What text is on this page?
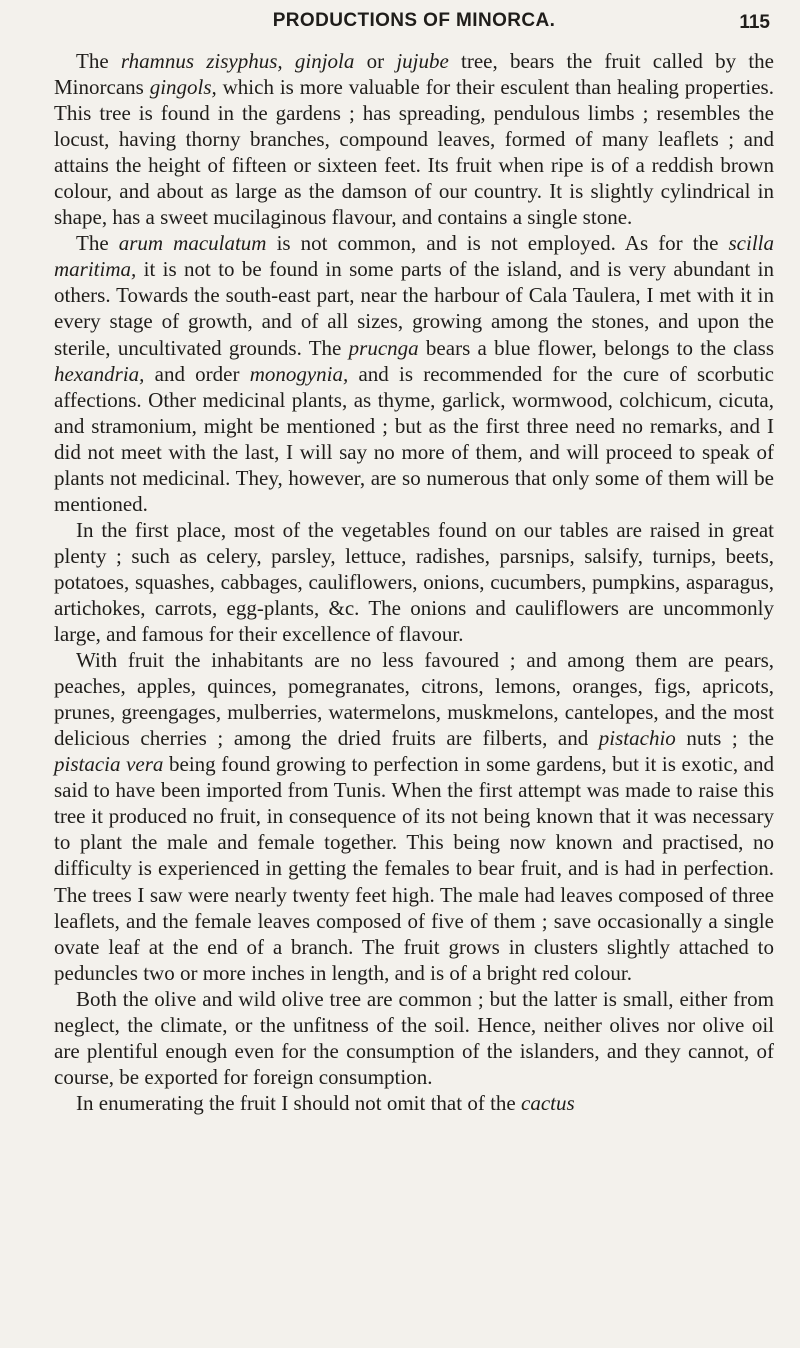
PRODUCTIONS OF MINORCA.	115

The rhamnus zisyphus, ginjola or jujube tree, bears the fruit called by the Minorcans gingols, which is more valuable for their esculent than healing properties. This tree is found in the gardens ; has spreading, pendulous limbs ; resembles the locust, having thorny branches, compound leaves, formed of many leaflets ; and attains the height of fifteen or sixteen feet. Its fruit when ripe is of a reddish brown colour, and about as large as the damson of our country. It is slightly cylindrical in shape, has a sweet mucilaginous flavour, and contains a single stone.

The arum maculatum is not common, and is not employed. As for the scilla maritima, it is not to be found in some parts of the island, and is very abundant in others. Towards the south-east part, near the harbour of Cala Taulera, I met with it in every stage of growth, and of all sizes, growing among the stones, and upon the sterile, uncultivated grounds. The prucnga bears a blue flower, belongs to the class hexandria, and order monogynia, and is recommended for the cure of scorbutic affections. Other medicinal plants, as thyme, garlick, wormwood, colchicum, cicuta, and stramonium, might be mentioned ; but as the first three need no remarks, and I did not meet with the last, I will say no more of them, and will proceed to speak of plants not medicinal. They, however, are so numerous that only some of them will be mentioned.

In the first place, most of the vegetables found on our tables are raised in great plenty ; such as celery, parsley, lettuce, radishes, parsnips, salsify, turnips, beets, potatoes, squashes, cabbages, cauliflowers, onions, cucumbers, pumpkins, asparagus, artichokes, carrots, egg-plants, &c. The onions and cauliflowers are uncommonly large, and famous for their excellence of flavour.

With fruit the inhabitants are no less favoured ; and among them are pears, peaches, apples, quinces, pomegranates, citrons, lemons, oranges, figs, apricots, prunes, greengages, mulberries, watermelons, muskmelons, cantelopes, and the most delicious cherries ; among the dried fruits are filberts, and pistachio nuts ; the pistacia vera being found growing to perfection in some gardens, but it is exotic, and said to have been imported from Tunis. When the first attempt was made to raise this tree it produced no fruit, in consequence of its not being known that it was necessary to plant the male and female together. This being now known and practised, no difficulty is experienced in getting the females to bear fruit, and is had in perfection. The trees I saw were nearly twenty feet high. The male had leaves composed of three leaflets, and the female leaves composed of five of them ; save occasionally a single ovate leaf at the end of a branch. The fruit grows in clusters slightly attached to peduncles two or more inches in length, and is of a bright red colour.

Both the olive and wild olive tree are common ; but the latter is small, either from neglect, the climate, or the unfitness of the soil. Hence, neither olives nor olive oil are plentiful enough even for the consumption of the islanders, and they cannot, of course, be exported for foreign consumption.

In enumerating the fruit I should not omit that of the cactus
